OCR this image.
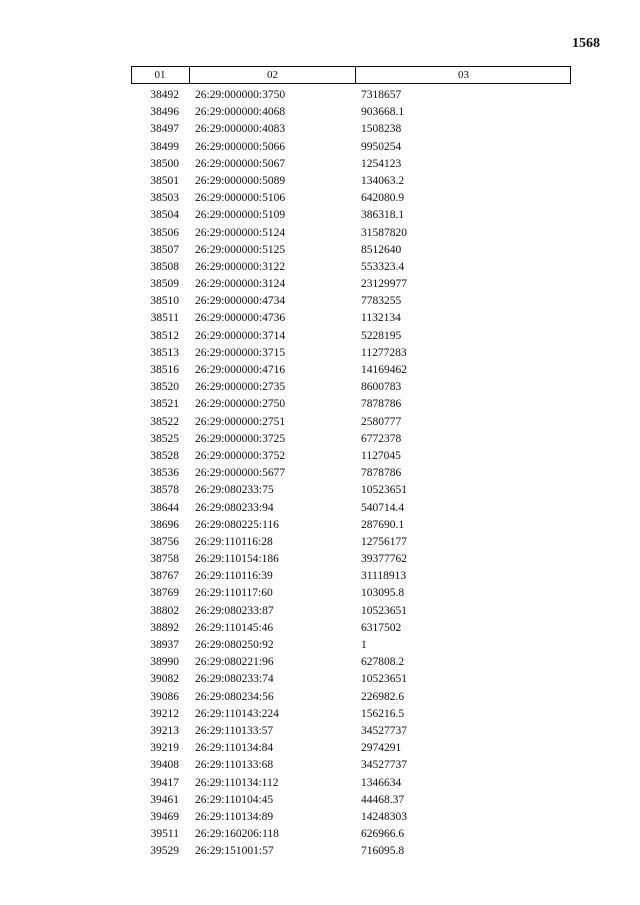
1568
01	02	03
38492 26:29:000000:3750	7318657
38496 26:29:000000:4068	903668.1
38497 26:29:000000:4083	1508238
38499 26:29:000000:5066	9950254
38500 26:29:000000:5067	1254123
38501 26:29:000000:5089	134063.2
38503 26:29:000000:5106	642080.9
38504 26:29:000000:5109	386318.1
38506 26:29:000000:5124	31587820
38507 26:29:000000:5125	8512640
38508 26:29:000000:3122	553323.4
38509 26:29:000000:3124	23129977
38510 26:29:000000:4734	7783255
38511 26:29:000000:4736	1132134
38512 26:29:000000:3714	5228195
38513 26:29:000000:3715	11277283
38516 26:29:000000:4716	14169462
38520 26:29:000000:2735	8600783
38521 26:29:000000:2750	7878786
38522 26:29:000000:2751	2580777
38525 26:29:000000:3725	6772378
38528 26:29:000000:3752	1127045
38536 26:29:000000:5677	7878786
38578 26:29:080233:75	10523651
38644 26:29:080233:94	540714.4
38696 26:29:080225:116	287690.1
38756 26:29:110116:28	12756177
38758 26:29:110154:186	39377762
38767 26:29:110116:39	31118913
38769 26:29:110117:60	103095.8
38802 26:29:080233:87	10523651
38892 26:29:110145:46	6317502
38937 26:29:080250:92	1
38990 26:29:080221:96	627808.2
39082 26:29:080233:74	10523651
39086 26:29:080234:56	226982.6
39212 26:29:110143:224	156216.5
39213 26:29:110133:57	34527737
39219 26:29:110134:84	2974291
39408 26:29:110133:68	34527737
39417 26:29:110134:112	1346634
39461 26:29:110104:45	44468.37
39469 26:29:110134:89	14248303
39511 26:29:160206:118	626966.6
39529 26:29:151001:57	716095.8
